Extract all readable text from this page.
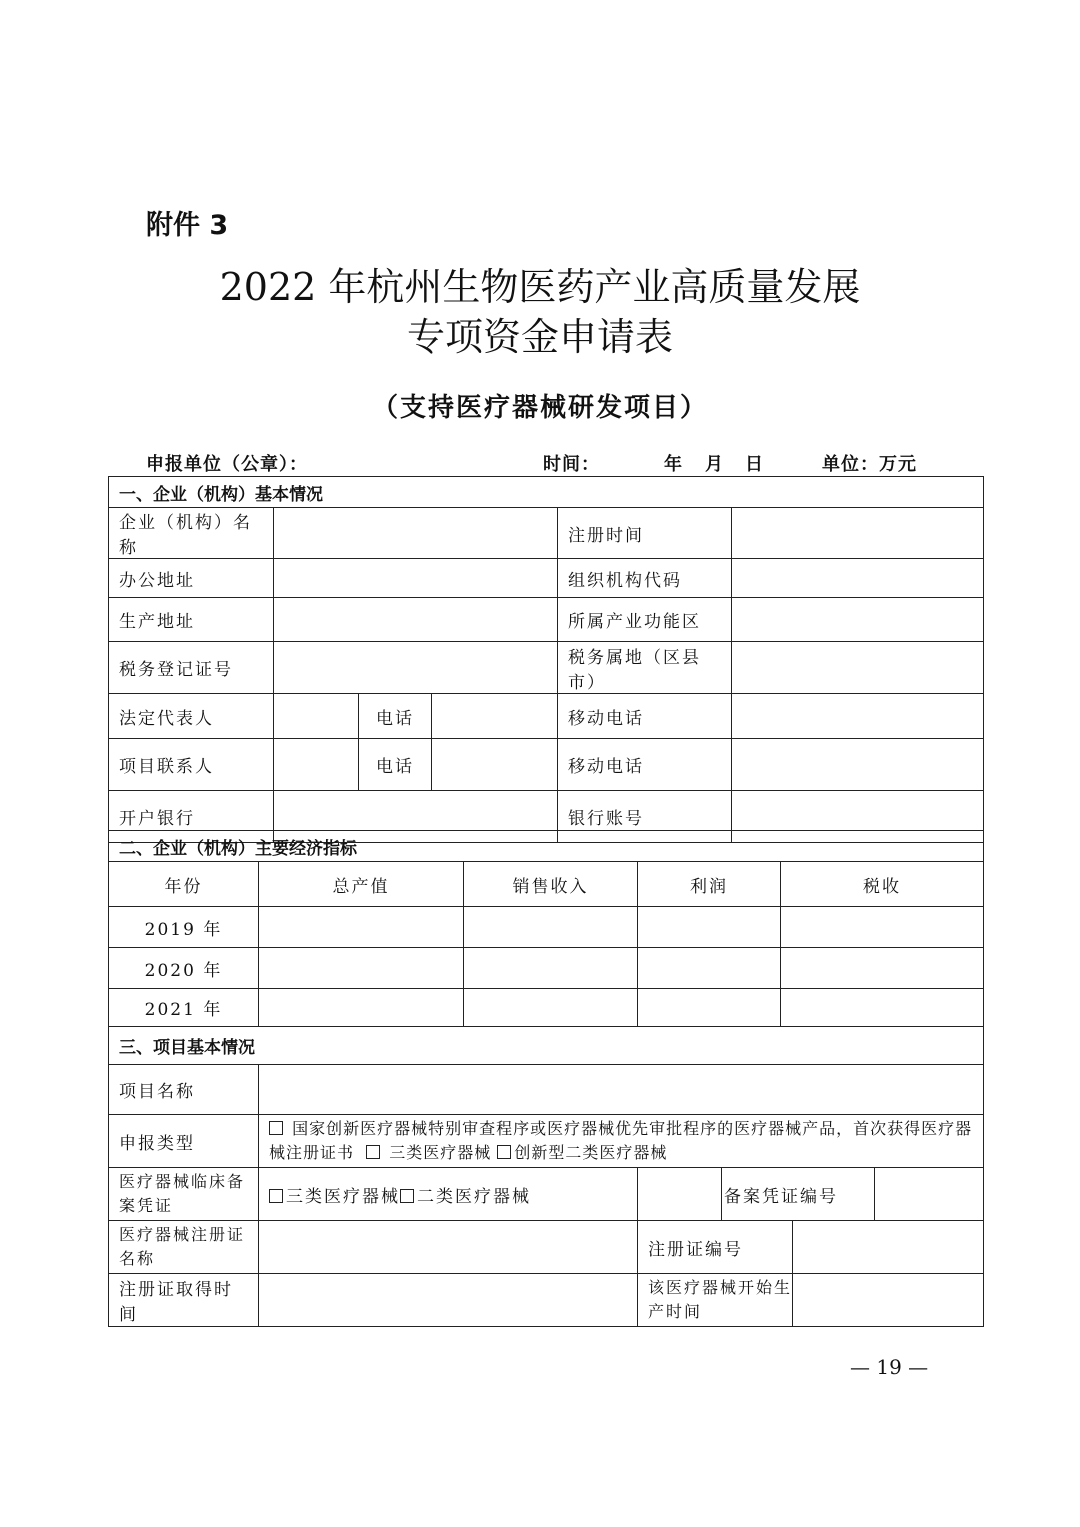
附件 3
2022 年杭州生物医药产业高质量发展
专项资金申请表
（支持医疗器械研发项目）
申报单位（公章）：	时间：	年 月 日	单位：万元
一、企业（机构）基本情况					
企业（机构）名称				注册时间	
办公地址				组织机构代码	
生产地址				所属产业功能区	
税务登记证号				税务属地（区县市）	
法定代表人		电话		移动电话	
项目联系人		电话		移动电话	
开户银行				银行账号	
二、企业（机构）主要经济指标				
年份	总产值	销售收入	利润	税收
2019 年				
2020 年				
2021 年				
三、项目基本情况			
项目名称			
申报类型	国家创新医疗器械特别审查程序或医疗器械优先审批程序的医疗器械产品，首次获得医疗器械注册证书 三类医疗器械 创新型二类医疗器械		
医疗器械临床备案凭证	三类医疗器械 二类医疗器械		备案凭证编号

医疗器械注册证名称		注册证编号	

注册证取得时间		该医疗器械开始生产时间	
— 19 —
